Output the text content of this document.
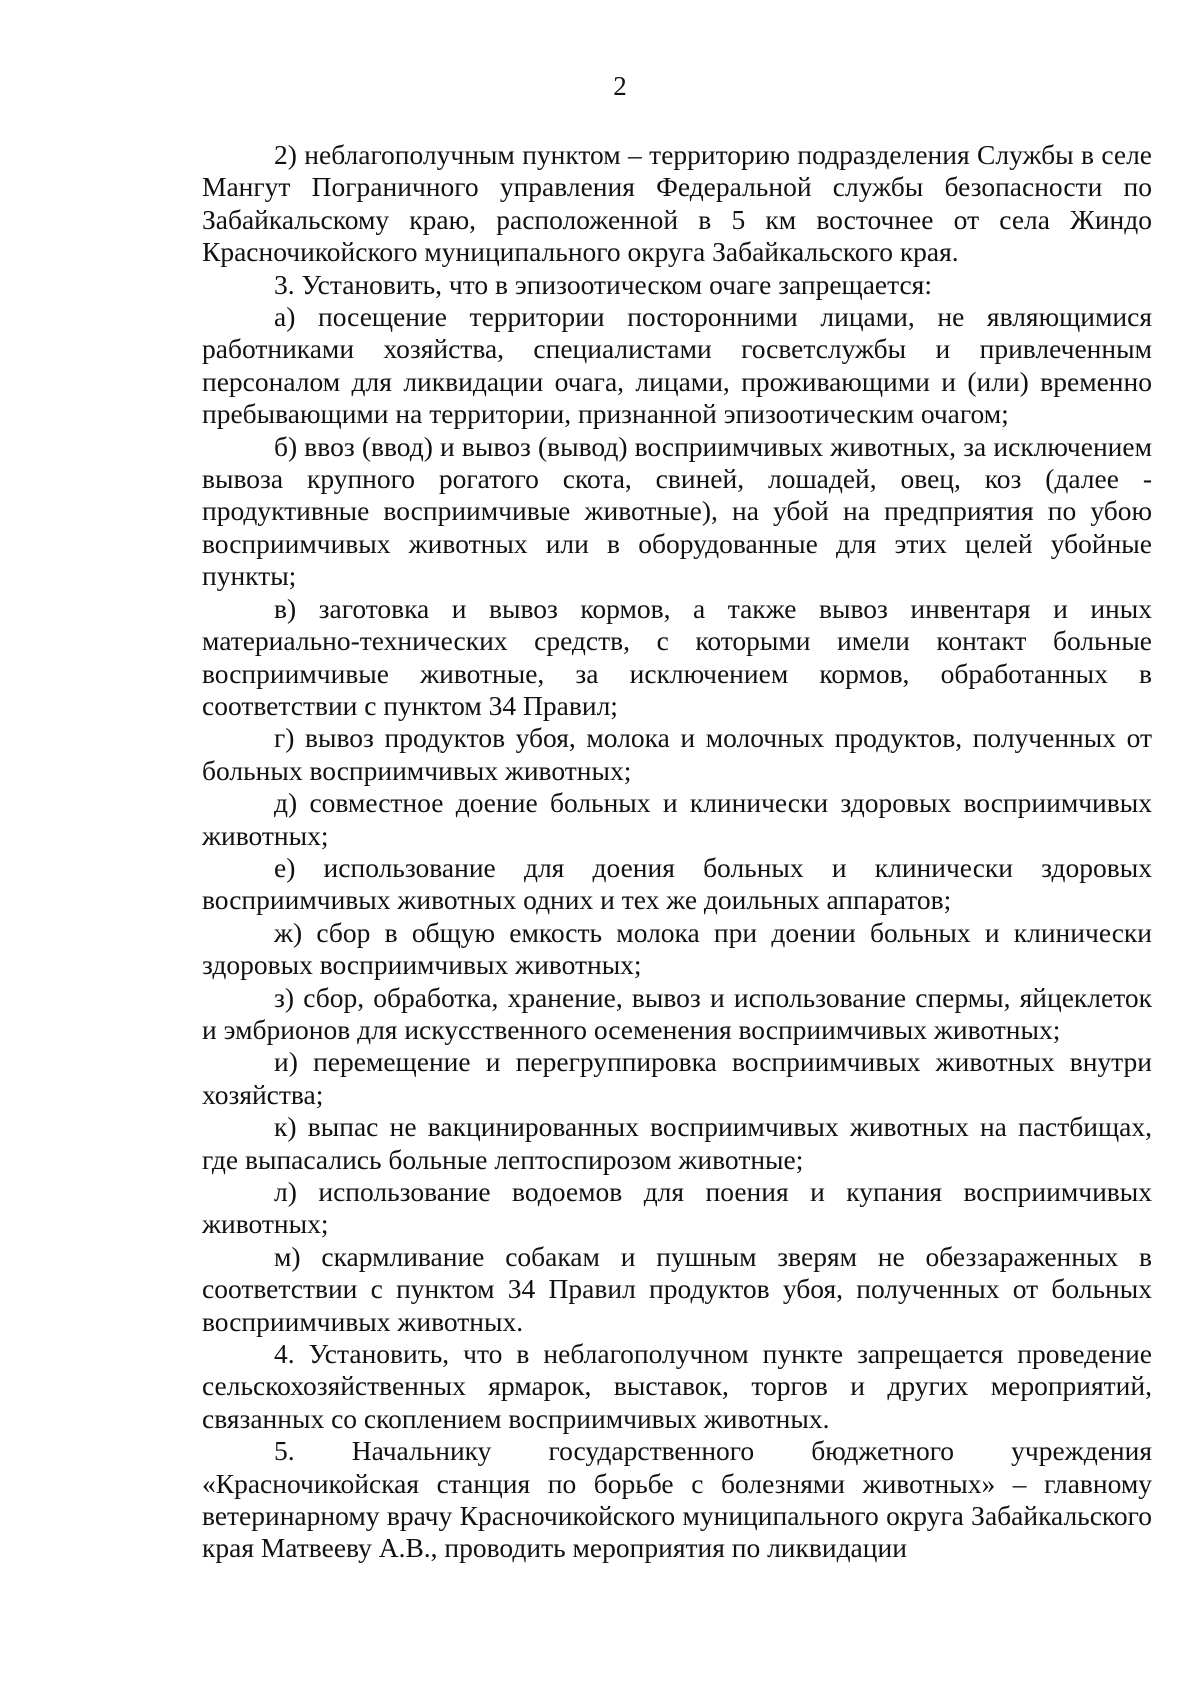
2

2) неблагополучным пунктом – территорию подразделения Службы в селе Мангут Пограничного управления Федеральной службы безопасности по Забайкальскому краю, расположенной в 5 км восточнее от села Жиндо Красночикойского муниципального округа Забайкальского края.

3. Установить, что в эпизоотическом очаге запрещается:

а) посещение территории посторонними лицами, не являющимися работниками хозяйства, специалистами госветслужбы и привлеченным персоналом для ликвидации очага, лицами, проживающими и (или) временно пребывающими на территории, признанной эпизоотическим очагом;

б) ввоз (ввод) и вывоз (вывод) восприимчивых животных, за исключением вывоза крупного рогатого скота, свиней, лошадей, овец, коз (далее - продуктивные восприимчивые животные), на убой на предприятия по убою восприимчивых животных или в оборудованные для этих целей убойные пункты;

в) заготовка и вывоз кормов, а также вывоз инвентаря и иных материально-технических средств, с которыми имели контакт больные восприимчивые животные, за исключением кормов, обработанных в соответствии с пунктом 34 Правил;

г) вывоз продуктов убоя, молока и молочных продуктов, полученных от больных восприимчивых животных;

д) совместное доение больных и клинически здоровых восприимчивых животных;

е) использование для доения больных и клинически здоровых восприимчивых животных одних и тех же доильных аппаратов;

ж) сбор в общую емкость молока при доении больных и клинически здоровых восприимчивых животных;

з) сбор, обработка, хранение, вывоз и использование спермы, яйцеклеток и эмбрионов для искусственного осеменения восприимчивых животных;

и) перемещение и перегруппировка восприимчивых животных внутри хозяйства;

к) выпас не вакцинированных восприимчивых животных на пастбищах, где выпасались больные лептоспирозом животные;

л) использование водоемов для поения и купания восприимчивых животных;

м) скармливание собакам и пушным зверям не обеззараженных в соответствии с пунктом 34 Правил продуктов убоя, полученных от больных восприимчивых животных.

4. Установить, что в неблагополучном пункте запрещается проведение сельскохозяйственных ярмарок, выставок, торгов и других мероприятий, связанных со скоплением восприимчивых животных.

5. Начальнику государственного бюджетного учреждения «Красночикойская станция по борьбе с болезнями животных» – главному ветеринарному врачу Красночикойского муниципального округа Забайкальского края Матвееву А.В., проводить мероприятия по ликвидации
